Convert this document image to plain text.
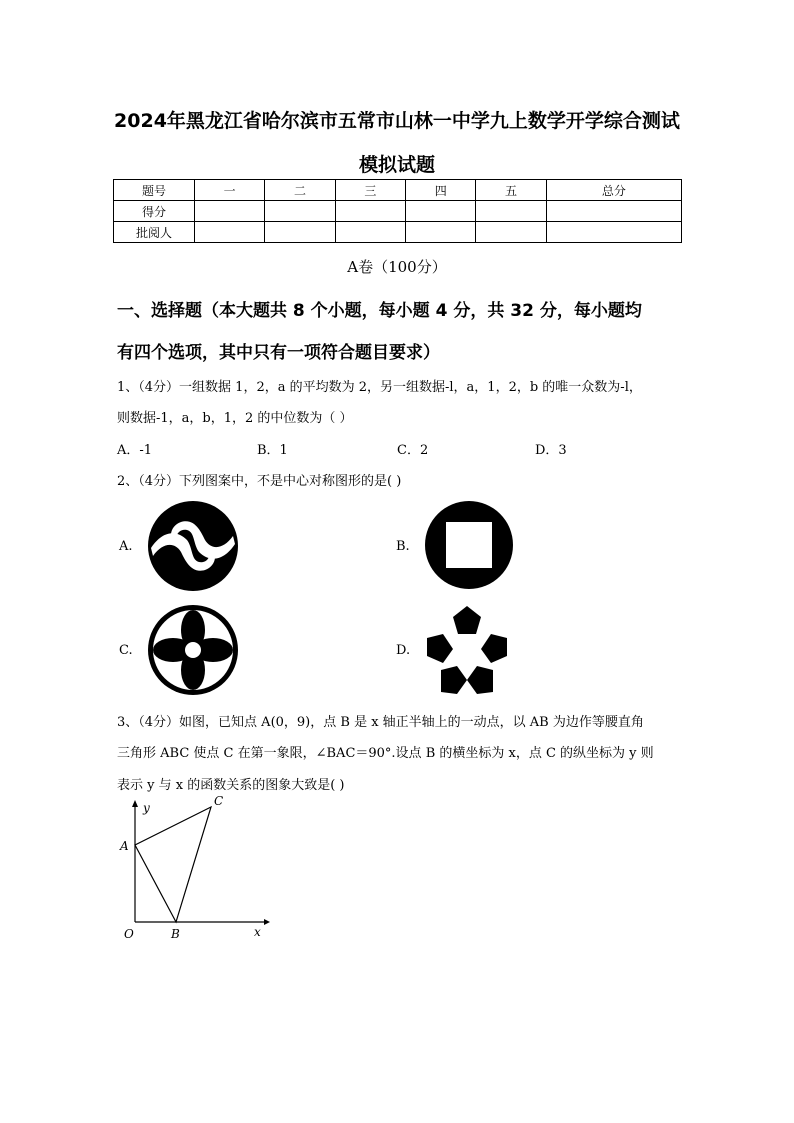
2024年黑龙江省哈尔滨市五常市山林一中学九上数学开学综合测试
模拟试题
题号	一	二	三	四	五	总分
得分						
批阅人						
A卷（100分）
一、选择题（本大题共 8 个小题，每小题 4 分，共 32 分，每小题均
有四个选项，其中只有一项符合题目要求）
1、（4分）一组数据 1，2，a 的平均数为 2，另一组数据-l，a，1，2，b 的唯一众数为-l，
则数据-1，a，b，1，2 的中位数为（ ）
A．-1	B．1	C．2	D．3
2、（4分）下列图案中，不是中心对称图形的是( )
A.	B.
C.	D.
3、（4分）如图，已知点 A(0，9)，点 B 是 x 轴正半轴上的一动点，以 AB 为边作等腰直角
三角形 ABC 使点 C 在第一象限，∠BAC＝90°.设点 B 的横坐标为 x，点 C 的纵坐标为 y 则
表示 y 与 x 的函数关系的图象大致是( )
y	C
A
O	B	x
